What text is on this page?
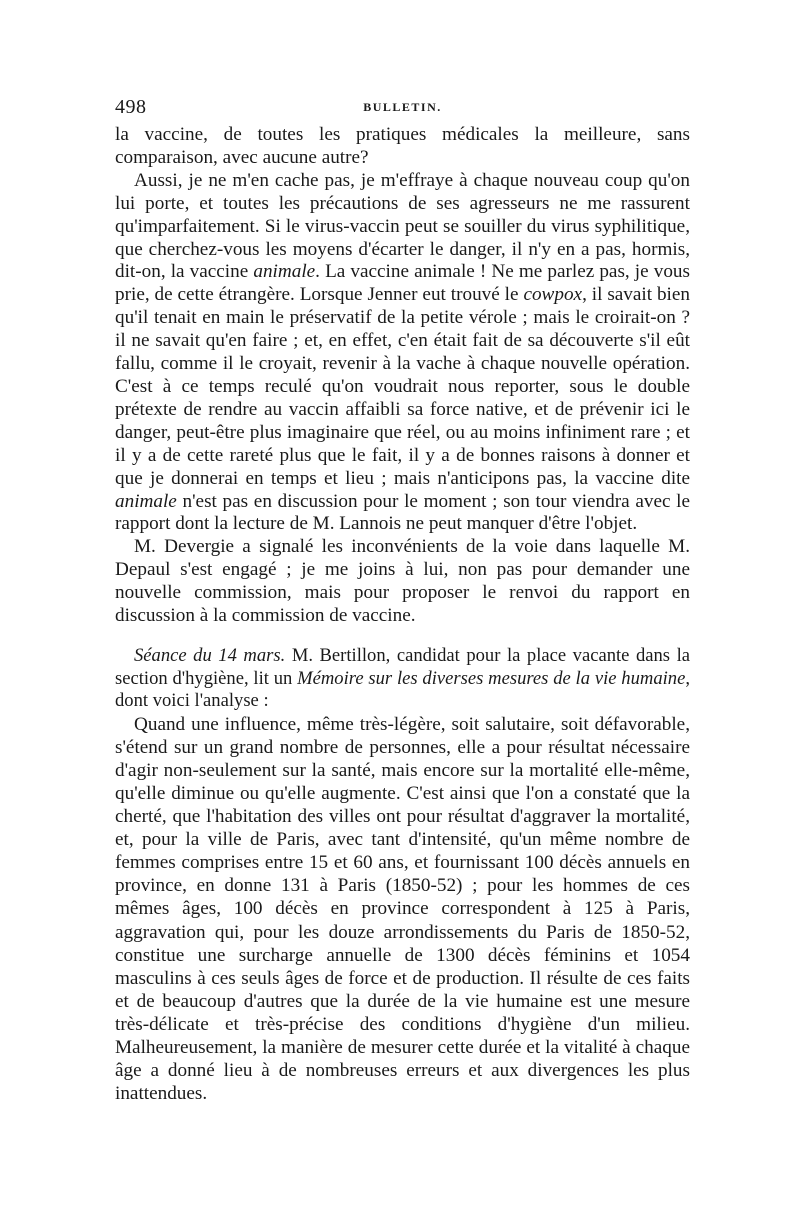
498	BULLETIN.

la vaccine, de toutes les pratiques médicales la meilleure, sans comparaison, avec aucune autre?

Aussi, je ne m'en cache pas, je m'effraye à chaque nouveau coup qu'on lui porte, et toutes les précautions de ses agresseurs ne me rassurent qu'imparfaitement. Si le virus-vaccin peut se souiller du virus syphilitique, que cherchez-vous les moyens d'écarter le danger, il n'y en a pas, hormis, dit-on, la vaccine animale. La vaccine animale ! Ne me parlez pas, je vous prie, de cette étrangère. Lorsque Jenner eut trouvé le cowpox, il savait bien qu'il tenait en main le préservatif de la petite vérole ; mais le croirait-on ? il ne savait qu'en faire ; et, en effet, c'en était fait de sa découverte s'il eût fallu, comme il le croyait, revenir à la vache à chaque nouvelle opération. C'est à ce temps reculé qu'on voudrait nous reporter, sous le double prétexte de rendre au vaccin affaibli sa force native, et de prévenir ici le danger, peut-être plus imaginaire que réel, ou au moins infiniment rare ; et il y a de cette rareté plus que le fait, il y a de bonnes raisons à donner et que je donnerai en temps et lieu ; mais n'anticipons pas, la vaccine dite animale n'est pas en discussion pour le moment ; son tour viendra avec le rapport dont la lecture de M. Lannois ne peut manquer d'être l'objet.

M. Devergie a signalé les inconvénients de la voie dans laquelle M. Depaul s'est engagé ; je me joins à lui, non pas pour demander une nouvelle commission, mais pour proposer le renvoi du rapport en discussion à la commission de vaccine.

Séance du 14 mars. M. Bertillon, candidat pour la place vacante dans la section d'hygiène, lit un Mémoire sur les diverses mesures de la vie humaine, dont voici l'analyse :

Quand une influence, même très-légère, soit salutaire, soit défavorable, s'étend sur un grand nombre de personnes, elle a pour résultat nécessaire d'agir non-seulement sur la santé, mais encore sur la mortalité elle-même, qu'elle diminue ou qu'elle augmente. C'est ainsi que l'on a constaté que la cherté, que l'habitation des villes ont pour résultat d'aggraver la mortalité, et, pour la ville de Paris, avec tant d'intensité, qu'un même nombre de femmes comprises entre 15 et 60 ans, et fournissant 100 décès annuels en province, en donne 131 à Paris (1850-52) ; pour les hommes de ces mêmes âges, 100 décès en province correspondent à 125 à Paris, aggravation qui, pour les douze arrondissements du Paris de 1850-52, constitue une surcharge annuelle de 1300 décès féminins et 1054 masculins à ces seuls âges de force et de production. Il résulte de ces faits et de beaucoup d'autres que la durée de la vie humaine est une mesure très-délicate et très-précise des conditions d'hygiène d'un milieu. Malheureusement, la manière de mesurer cette durée et la vitalité à chaque âge a donné lieu à de nombreuses erreurs et aux divergences les plus inattendues.
